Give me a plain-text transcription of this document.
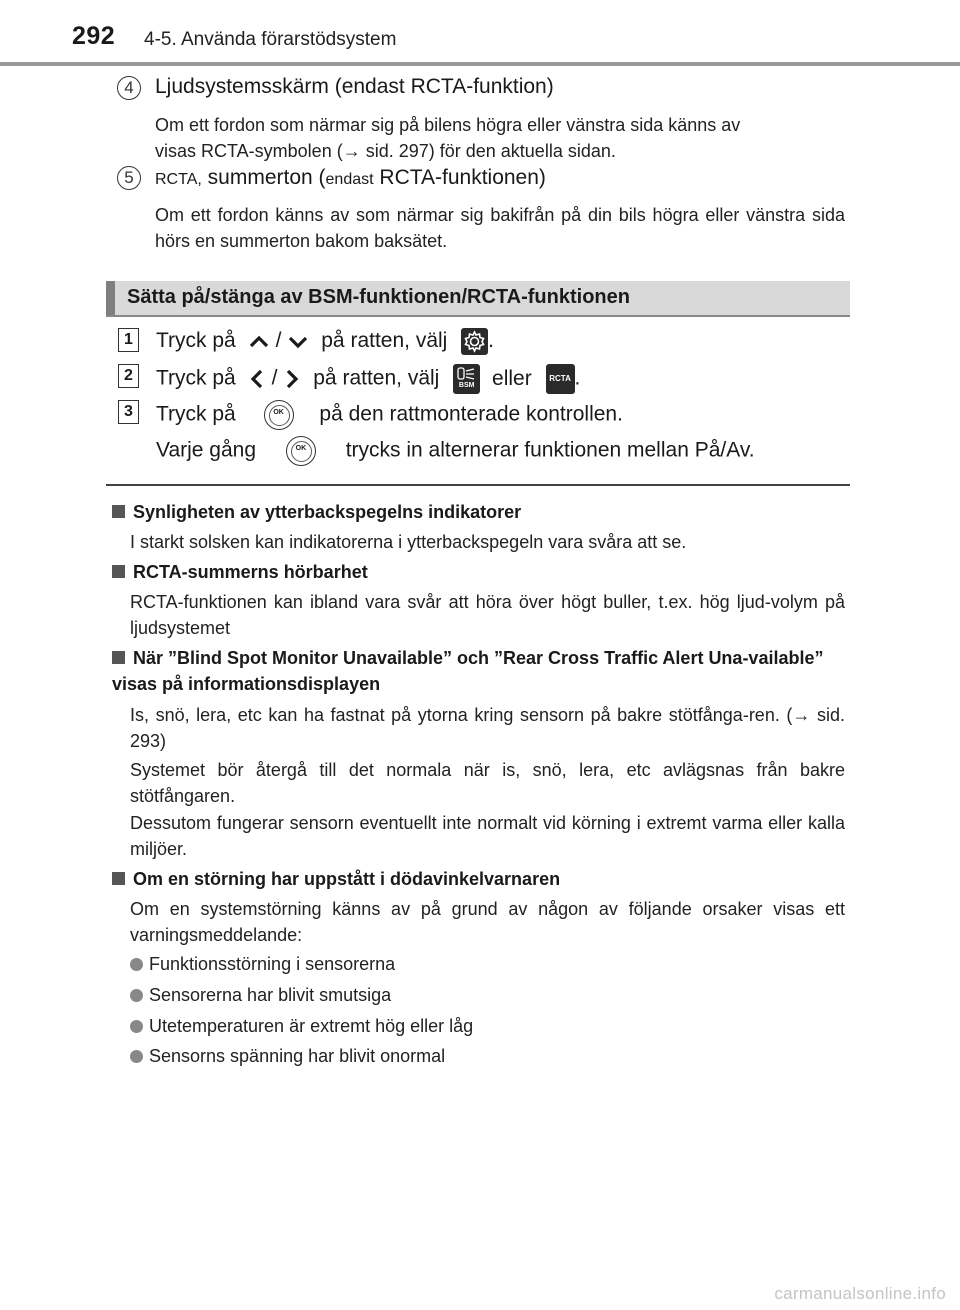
292 4-5. Använda förarstödsystem
4	Ljudsystemsskärm (endast RCTA-funktion)
Om ett fordon som närmar sig på bilens högra eller vänstra sida känns av
visas RCTA-symbolen (→ sid. 297) för den aktuella sidan.
5	RCTA, summerton (endast RCTA-funktionen)
Om ett fordon känns av som närmar sig bakifrån på din bils högra eller vänstra sida hörs en summerton bakom baksätet.
Sätta på/stänga av BSM-funktionen/RCTA-funktionen
1 Tryck på / på ratten, välj .
2 Tryck på / på ratten, välj	BSM eller	RCTA .
3 Tryck på	OK	på den rattmonterade kontrollen.
Varje gång	OK	trycks in alternerar funktionen mellan På/Av.
Synligheten av ytterbackspegelns indikatorer
I starkt solsken kan indikatorerna i ytterbackspegeln vara svåra att se.
RCTA-summerns hörbarhet
RCTA-funktionen kan ibland vara svår att höra över högt buller, t.ex. hög ljud-volym på ljudsystemet
När ”Blind Spot Monitor Unavailable” och ”Rear Cross Traffic Alert Una-vailable” visas på informationsdisplayen
Is, snö, lera, etc kan ha fastnat på ytorna kring sensorn på bakre stötfånga-ren. (→ sid. 293)
Systemet bör återgå till det normala när is, snö, lera, etc avlägsnas från bakre stötfångaren.
Dessutom fungerar sensorn eventuellt inte normalt vid körning i extremt varma eller kalla miljöer.
Om en störning har uppstått i dödavinkelvarnaren
Om en systemstörning känns av på grund av någon av följande orsaker visas ett varningsmeddelande:
Funktionsstörning i sensorerna
Sensorerna har blivit smutsiga
Utetemperaturen är extremt hög eller låg
Sensorns spänning har blivit onormal
carmanualsonline.info
